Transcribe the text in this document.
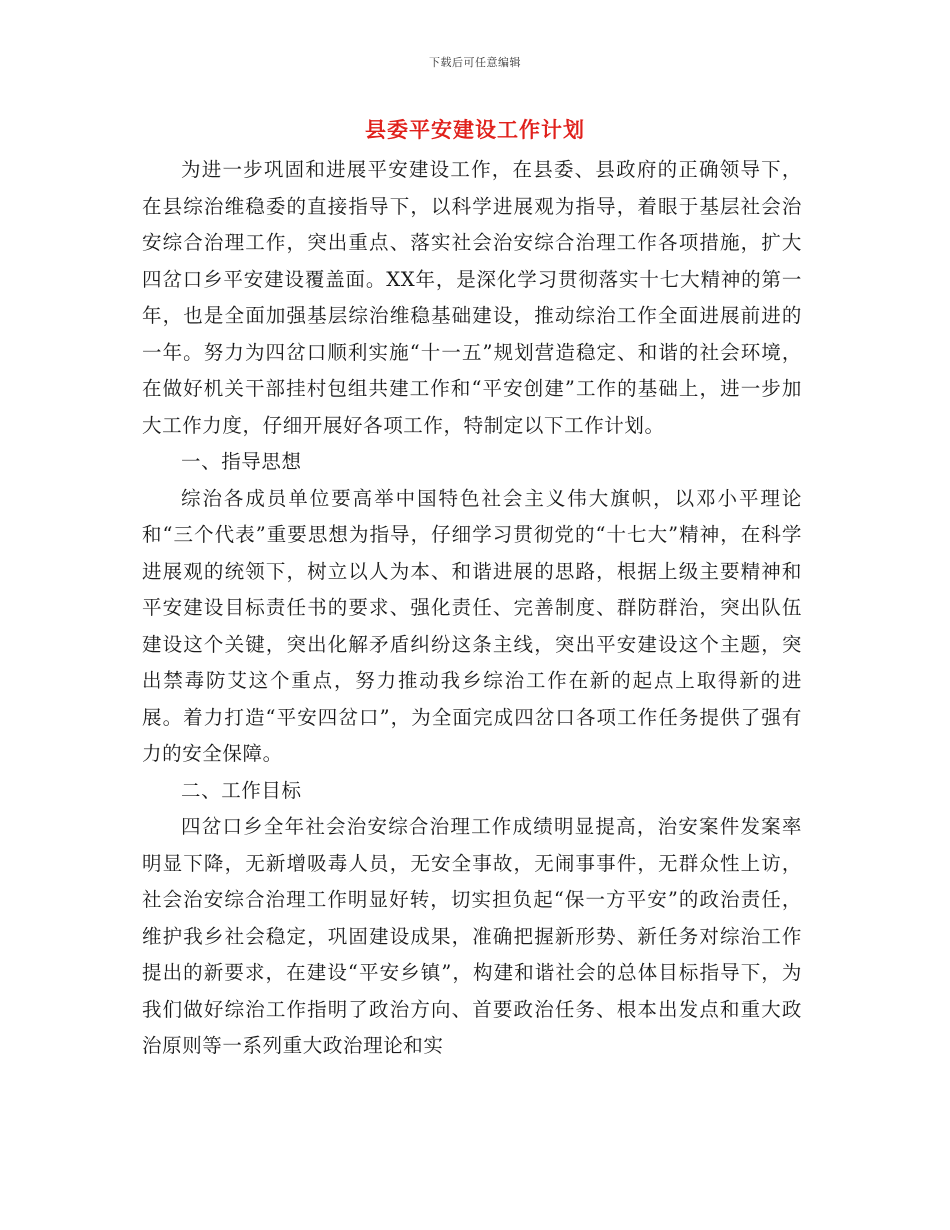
下载后可任意编辑
县委平安建设工作计划

为进一步巩固和进展平安建设工作，在县委、县政府的正确领导下，在县综治维稳委的直接指导下，以科学进展观为指导，着眼于基层社会治安综合治理工作，突出重点、落实社会治安综合治理工作各项措施，扩大四岔口乡平安建设覆盖面。XX年，是深化学习贯彻落实十七大精神的第一年，也是全面加强基层综治维稳基础建设，推动综治工作全面进展前进的一年。努力为四岔口顺利实施“十一五”规划营造稳定、和谐的社会环境，在做好机关干部挂村包组共建工作和“平安创建”工作的基础上，进一步加大工作力度，仔细开展好各项工作，特制定以下工作计划。

一、指导思想

综治各成员单位要高举中国特色社会主义伟大旗帜，以邓小平理论和“三个代表”重要思想为指导，仔细学习贯彻党的“十七大”精神，在科学进展观的统领下，树立以人为本、和谐进展的思路，根据上级主要精神和平安建设目标责任书的要求、强化责任、完善制度、群防群治，突出队伍建设这个关键，突出化解矛盾纠纷这条主线，突出平安建设这个主题，突出禁毒防艾这个重点，努力推动我乡综治工作在新的起点上取得新的进展。着力打造“平安四岔口”，为全面完成四岔口各项工作任务提供了强有力的安全保障。

二、工作目标

四岔口乡全年社会治安综合治理工作成绩明显提高，治安案件发案率明显下降，无新增吸毒人员，无安全事故，无闹事事件，无群众性上访，社会治安综合治理工作明显好转，切实担负起“保一方平安”的政治责任，维护我乡社会稳定，巩固建设成果，准确把握新形势、新任务对综治工作提出的新要求，在建设“平安乡镇”，构建和谐社会的总体目标指导下，为我们做好综治工作指明了政治方向、首要政治任务、根本出发点和重大政治原则等一系列重大政治理论和实
